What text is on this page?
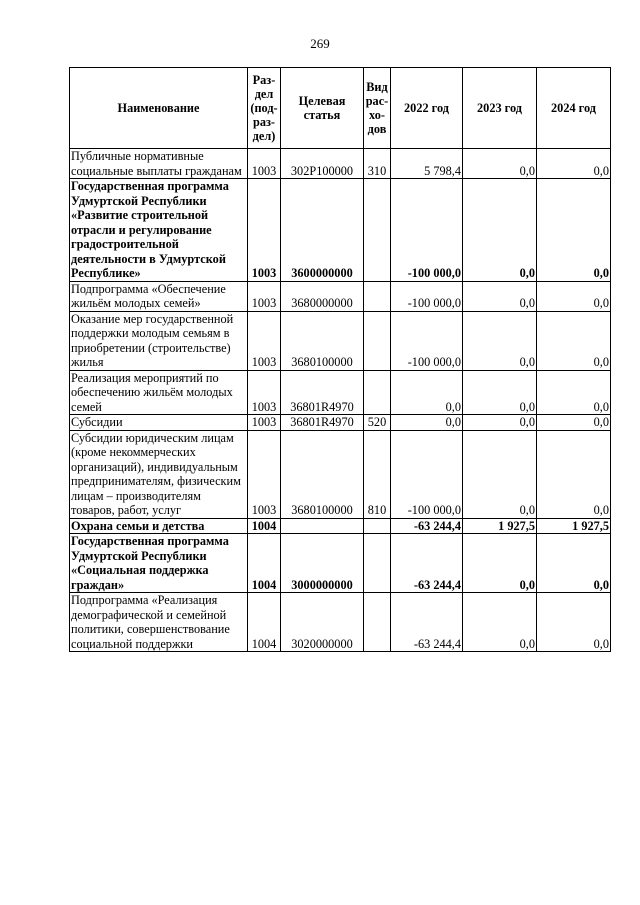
269
Наименование	Раз-дел (под-раз-дел)	Целевая статья	Вид рас-хо-дов	2022 год	2023 год	2024 год
Публичные нормативные социальные выплаты гражданам	1003	302P100000	310	5 798,4	0,0	0,0
Государственная программа Удмуртской Республики «Развитие строительной отрасли и регулирование градостроительной деятельности в Удмуртской Республике»	1003	3600000000		-100 000,0	0,0	0,0
Подпрограмма «Обеспечение жильём молодых семей»	1003	3680000000		-100 000,0	0,0	0,0
Оказание мер государственной поддержки молодым семьям в приобретении (строительстве) жилья	1003	3680100000		-100 000,0	0,0	0,0
Реализация мероприятий по обеспечению жильём молодых семей	1003	36801R4970		0,0	0,0	0,0
Субсидии	1003	36801R4970	520	0,0	0,0	0,0
Субсидии юридическим лицам (кроме некоммерческих организаций), индивидуальным предпринимателям, физическим лицам – производителям товаров, работ, услуг	1003	3680100000	810	-100 000,0	0,0	0,0
Охрана семьи и детства	1004			-63 244,4	1 927,5	1 927,5
Государственная программа Удмуртской Республики «Социальная поддержка граждан»	1004	3000000000		-63 244,4	0,0	0,0
Подпрограмма «Реализация демографической и семейной политики, совершенствование социальной поддержки	1004	3020000000		-63 244,4	0,0	0,0
